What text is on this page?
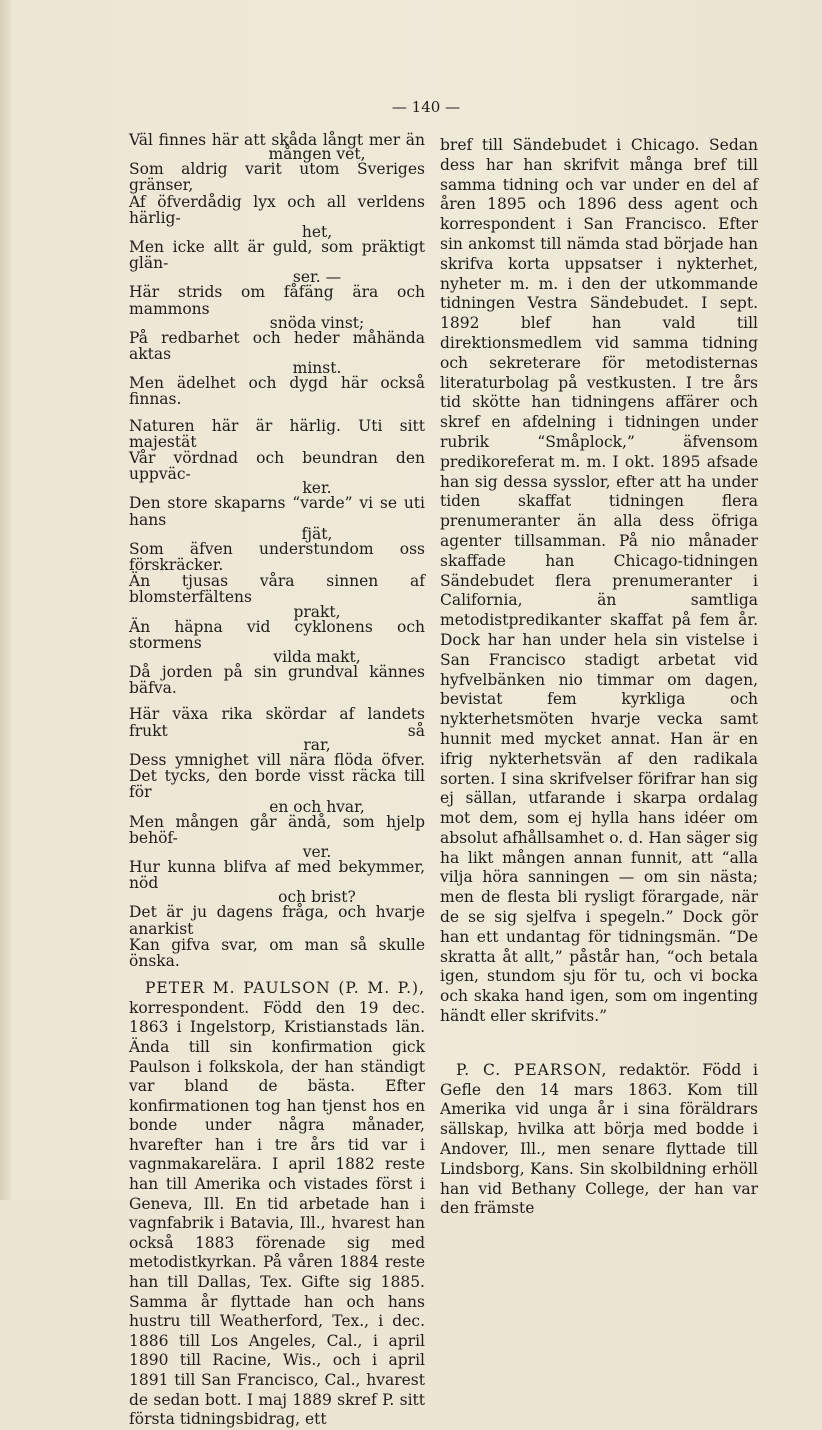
— 140 —
Väl finnes här att skåda långt mer än
mången vet,
Som aldrig varit utom Sveriges gränser,
Af öfverdådig lyx och all verldens härlig-
het,
Men icke allt är guld, som präktigt glän-
ser. —
Här strids om fåfäng ära och mammons
snöda vinst;
På redbarhet och heder måhända aktas
minst.
Men ädelhet och dygd här också finnas.
Naturen här är härlig. Uti sitt majestät
Vår vördnad och beundran den uppväc-
ker.
Den store skaparns “varde” vi se uti hans
fjät,
Som äfven understundom oss förskräcker.
Än tjusas våra sinnen af blomsterfältens
prakt,
Än häpna vid cyklonens och stormens
vilda makt,
Då jorden på sin grundval kännes bäfva.
Här växa rika skördar af landets frukt så
rar,
Dess ymnighet vill nära flöda öfver.
Det tycks, den borde visst räcka till för
en och hvar,
Men mången går ändå, som hjelp behöf-
ver.
Hur kunna blifva af med bekymmer, nöd
och brist?
Det är ju dagens fråga, och hvarje anarkist
Kan gifva svar, om man så skulle önska.

PETER M. PAULSON (P. M. P.), korrespondent. Född den 19 dec. 1863 i Ingelstorp, Kristianstads län. Ända till sin konfirmation gick Paulson i folkskola, der han ständigt var bland de bästa. Efter konfirmationen tog han tjenst hos en bonde under några månader, hvarefter han i tre års tid var i vagnmakarelära. I april 1882 reste han till Amerika och vistades först i Geneva, Ill. En tid arbetade han i vagnfabrik i Batavia, Ill., hvarest han också 1883 förenade sig med metodistkyrkan. På våren 1884 reste han till Dallas, Tex. Gifte sig 1885. Samma år flyttade han och hans hustru till Weatherford, Tex., i dec. 1886 till Los Angeles, Cal., i april 1890 till Racine, Wis., och i april 1891 till San Francisco, Cal., hvarest de sedan bott. I maj 1889 skref P. sitt första tidningsbidrag, ett

bref till Sändebudet i Chicago. Sedan dess har han skrifvit många bref till samma tidning och var under en del af åren 1895 och 1896 dess agent och korrespondent i San Francisco. Efter sin ankomst till nämda stad började han skrifva korta uppsatser i nykterhet, nyheter m. m. i den der utkommande tidningen Vestra Sändebudet. I sept. 1892 blef han vald till direktionsmedlem vid samma tidning och sekreterare för metodisternas literaturbolag på vestkusten. I tre års tid skötte han tidningens affärer och skref en afdelning i tidningen under rubrik “Småplock,” äfvensom predikoreferat m. m. I okt. 1895 afsade han sig dessa sysslor, efter att ha under tiden skaffat tidningen flera prenumeranter än alla dess öfriga agenter tillsamman. På nio månader skaffade han Chicago-tidningen Sändebudet flera prenumeranter i California, än samtliga metodistpredikanter skaffat på fem år. Dock har han under hela sin vistelse i San Francisco stadigt arbetat vid hyfvelbänken nio timmar om dagen, bevistat fem kyrkliga och nykterhetsmöten hvarje vecka samt hunnit med mycket annat. Han är en ifrig nykterhetsvän af den radikala sorten. I sina skrifvelser förifrar han sig ej sällan, utfarande i skarpa ordalag mot dem, som ej hylla hans idéer om absolut afhållsamhet o. d. Han säger sig ha likt mången annan funnit, att “alla vilja höra sanningen — om sin nästa; men de flesta bli rysligt förargade, när de se sig sjelfva i spegeln.” Dock gör han ett undantag för tidningsmän. “De skratta åt allt,” påstår han, “och betala igen, stundom sju för tu, och vi bocka och skaka hand igen, som om ingenting händt eller skrifvits.”

P. C. PEARSON, redaktör. Född i Gefle den 14 mars 1863. Kom till Amerika vid unga år i sina föräldrars sällskap, hvilka att börja med bodde i Andover, Ill., men senare flyttade till Lindsborg, Kans. Sin skolbildning erhöll han vid Bethany College, der han var den främste
